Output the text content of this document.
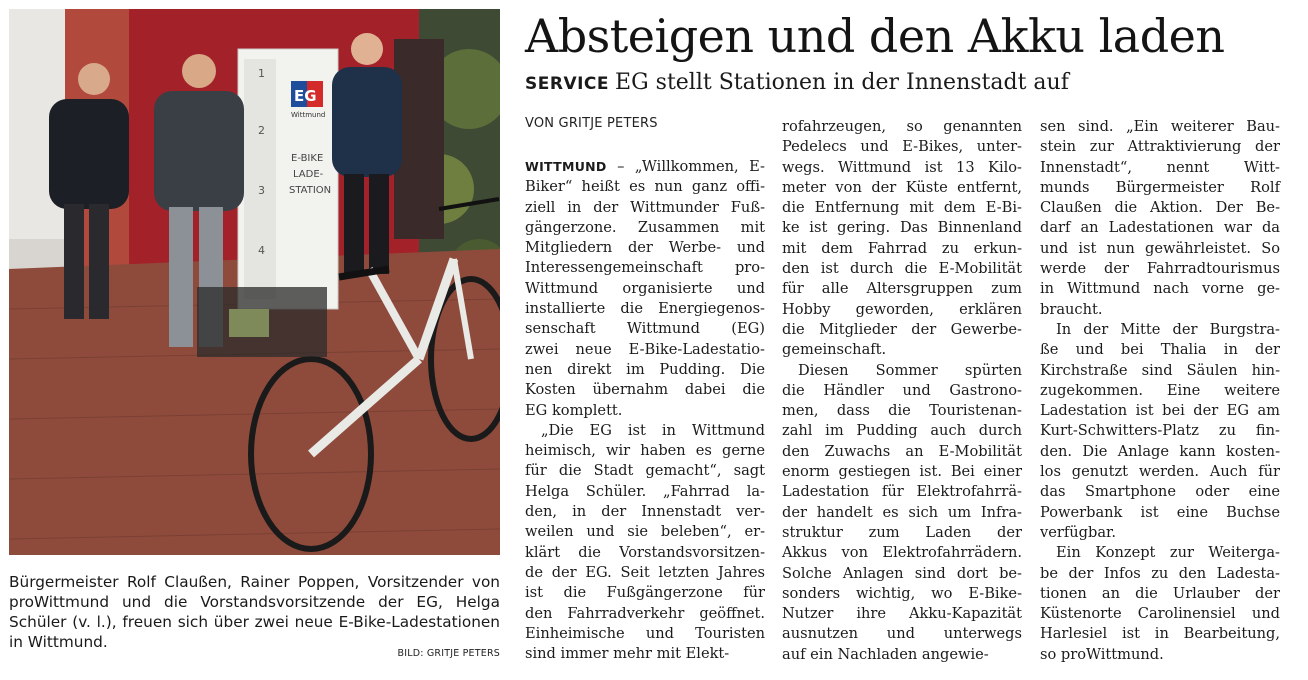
1
2
3
4
EG
Wittmund
E-BIKE
LADE-
STATION
Bürgermeister Rolf Claußen, Rainer Poppen, Vorsitzender von proWittmund und die Vorstandsvorsitzende der EG, Helga Schüler (v. l.), freuen sich über zwei neue E-Bike-Ladestationen in Wittmund.
BILD: GRITJE PETERS
Absteigen und den Akku laden
SERVICE EG stellt Stationen in der Innenstadt auf
VON GRITJE PETERS

WITTMUND – „Willkommen, E-
Biker“ heißt es nun ganz offi-
ziell in der Wittmunder Fuß-
gängerzone. Zusammen mit
Mitgliedern der Werbe- und
Interessengemeinschaft pro-
Wittmund organisierte und
installierte die Energiegenos-
senschaft Wittmund (EG)
zwei neue E-Bike-Ladestatio-
nen direkt im Pudding. Die
Kosten übernahm dabei die
EG komplett.

„Die EG ist in Wittmund
heimisch, wir haben es gerne
für die Stadt gemacht“, sagt
Helga Schüler. „Fahrrad la-
den, in der Innenstadt ver-
weilen und sie beleben“, er-
klärt die Vorstandsvorsitzen-
de der EG. Seit letzten Jahres
ist die Fußgängerzone für
den Fahrradverkehr geöffnet.
Einheimische und Touristen
sind immer mehr mit Elekt-

rofahrzeugen, so genannten
Pedelecs und E-Bikes, unter-
wegs. Wittmund ist 13 Kilo-
meter von der Küste entfernt,
die Entfernung mit dem E-Bi-
ke ist gering. Das Binnenland
mit dem Fahrrad zu erkun-
den ist durch die E-Mobilität
für alle Altersgruppen zum
Hobby geworden, erklären
die Mitglieder der Gewerbe-
gemeinschaft.

Diesen Sommer spürten
die Händler und Gastrono-
men, dass die Touristenan-
zahl im Pudding auch durch
den Zuwachs an E-Mobilität
enorm gestiegen ist. Bei einer
Ladestation für Elektrofahrrä-
der handelt es sich um Infra-
struktur zum Laden der
Akkus von Elektrofahrrädern.
Solche Anlagen sind dort be-
sonders wichtig, wo E-Bike-
Nutzer ihre Akku-Kapazität
ausnutzen und unterwegs
auf ein Nachladen angewie-

sen sind. „Ein weiterer Bau-
stein zur Attraktivierung der
Innenstadt“, nennt Witt-
munds Bürgermeister Rolf
Claußen die Aktion. Der Be-
darf an Ladestationen war da
und ist nun gewährleistet. So
werde der Fahrradtourismus
in Wittmund nach vorne ge-
braucht.

In der Mitte der Burgstra-
ße und bei Thalia in der
Kirchstraße sind Säulen hin-
zugekommen. Eine weitere
Ladestation ist bei der EG am
Kurt-Schwitters-Platz zu fin-
den. Die Anlage kann kosten-
los genutzt werden. Auch für
das Smartphone oder eine
Powerbank ist eine Buchse
verfügbar.

Ein Konzept zur Weiterga-
be der Infos zu den Ladesta-
tionen an die Urlauber der
Küstenorte Carolinensiel und
Harlesiel ist in Bearbeitung,
so proWittmund.
